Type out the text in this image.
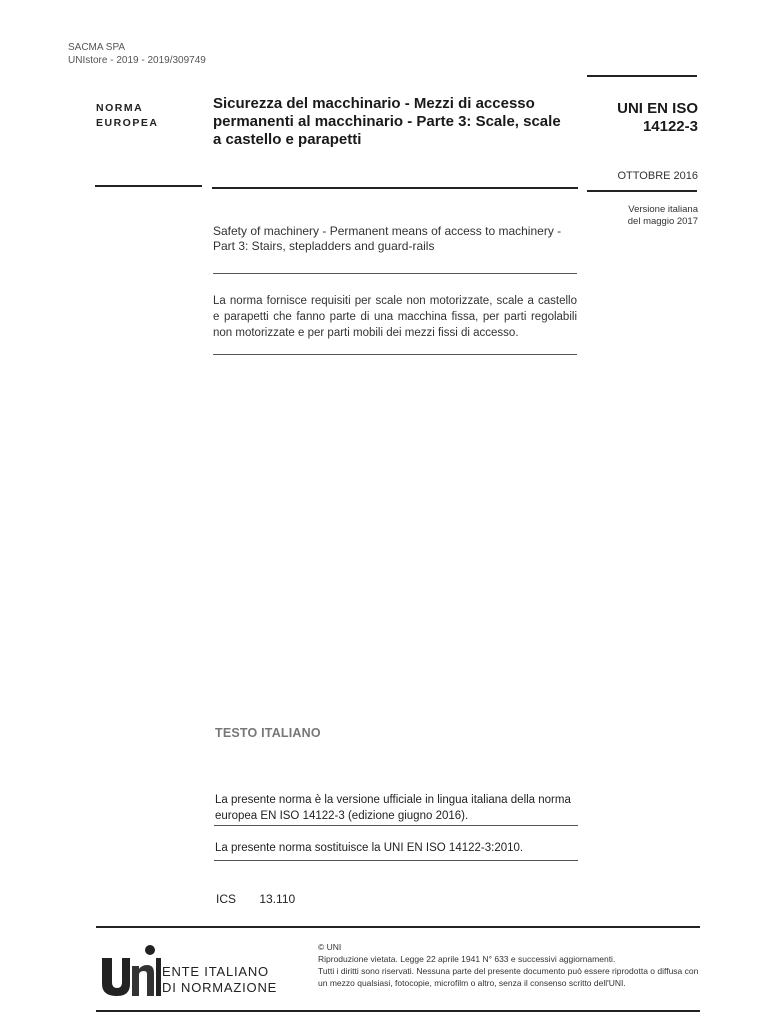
SACMA SPA
UNIstore - 2019 - 2019/309749
NORMA
EUROPEA
Sicurezza del macchinario - Mezzi di accesso permanenti al macchinario - Parte 3: Scale, scale a castello e parapetti
UNI EN ISO
14122-3
OTTOBRE 2016
Versione italiana
del maggio 2017
Safety of machinery - Permanent means of access to machinery - Part 3: Stairs, stepladders and guard-rails
La norma fornisce requisiti per scale non motorizzate, scale a castello e parapetti che fanno parte di una macchina fissa, per parti regolabili non motorizzate e per parti mobili dei mezzi fissi di accesso.
TESTO ITALIANO
La presente norma è la versione ufficiale in lingua italiana della norma europea EN ISO 14122-3 (edizione giugno 2016).
La presente norma sostituisce la UNI EN ISO 14122-3:2010.
ICS 13.110
ENTE ITALIANO
DI NORMAZIONE
© UNI
Riproduzione vietata. Legge 22 aprile 1941 N° 633 e successivi aggiornamenti.
Tutti i diritti sono riservati. Nessuna parte del presente documento può essere riprodotta o diffusa con un mezzo qualsiasi, fotocopie, microfilm o altro, senza il consenso scritto dell'UNI.
